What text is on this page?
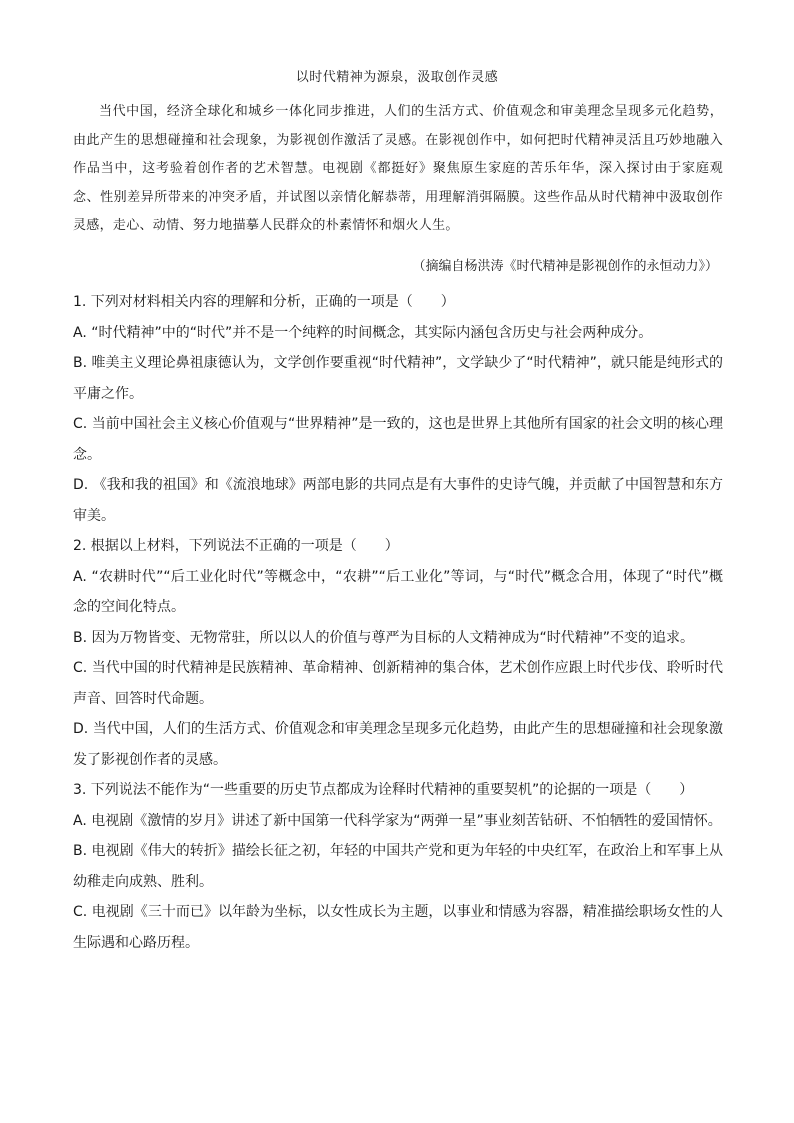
以时代精神为源泉，汲取创作灵感

当代中国，经济全球化和城乡一体化同步推进，人们的生活方式、价值观念和审美理念呈现多元化趋势，由此产生的思想碰撞和社会现象，为影视创作激活了灵感。在影视创作中，如何把时代精神灵活且巧妙地融入作品当中，这考验着创作者的艺术智慧。电视剧《都挺好》聚焦原生家庭的苦乐年华，深入探讨由于家庭观念、性别差异所带来的冲突矛盾，并试图以亲情化解恭蒂，用理解消弭隔膜。这些作品从时代精神中汲取创作灵感，走心、动情、努力地描摹人民群众的朴素情怀和烟火人生。

（摘编自杨洪涛《时代精神是影视创作的永恒动力》）

1. 下列对材料相关内容的理解和分析，正确的一项是（　　）

A. “时代精神”中的“时代”并不是一个纯粹的时间概念，其实际内涵包含历史与社会两种成分。

B. 唯美主义理论鼻祖康德认为，文学创作要重视“时代精神”，文学缺少了“时代精神”，就只能是纯形式的平庸之作。

C. 当前中国社会主义核心价值观与“世界精神”是一致的，这也是世界上其他所有国家的社会文明的核心理念。

D. 《我和我的祖国》和《流浪地球》两部电影的共同点是有大事件的史诗气魄，并贡献了中国智慧和东方审美。

2. 根据以上材料，下列说法不正确的一项是（　　）

A. “农耕时代”“后工业化时代”等概念中，“农耕”“后工业化”等词，与“时代”概念合用，体现了“时代”概念的空间化特点。

B. 因为万物皆变、无物常驻，所以以人的价值与尊严为目标的人文精神成为“时代精神”不变的追求。

C. 当代中国的时代精神是民族精神、革命精神、创新精神的集合体，艺术创作应跟上时代步伐、聆听时代声音、回答时代命题。

D. 当代中国，人们的生活方式、价值观念和审美理念呈现多元化趋势，由此产生的思想碰撞和社会现象激发了影视创作者的灵感。

3. 下列说法不能作为“一些重要的历史节点都成为诠释时代精神的重要契机”的论据的一项是（　　）

A. 电视剧《激情的岁月》讲述了新中国第一代科学家为“两弹一星”事业刻苦钻研、不怕牺牲的爱国情怀。

B. 电视剧《伟大的转折》描绘长征之初，年轻的中国共产党和更为年轻的中央红军，在政治上和军事上从幼稚走向成熟、胜利。

C. 电视剧《三十而已》以年龄为坐标，以女性成长为主题，以事业和情感为容器，精准描绘职场女性的人生际遇和心路历程。
